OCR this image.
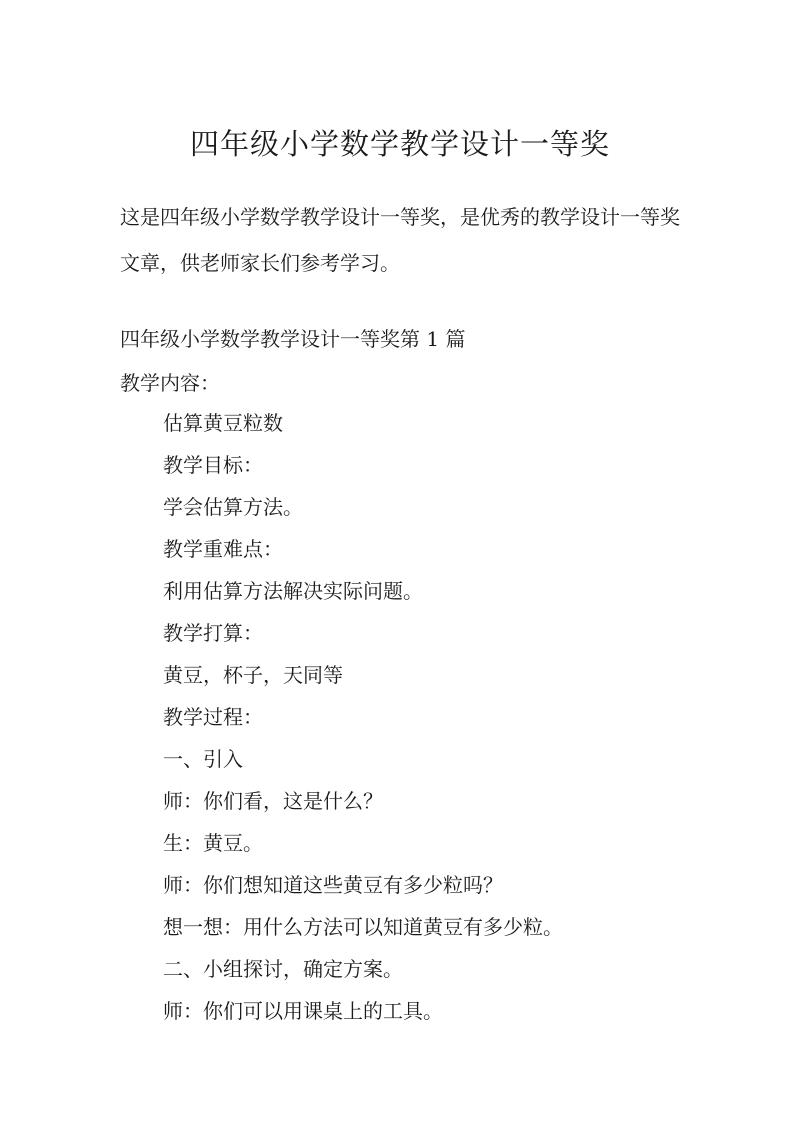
四年级小学数学教学设计一等奖

这是四年级小学数学教学设计一等奖，是优秀的教学设计一等奖文章，供老师家长们参考学习。

四年级小学数学教学设计一等奖第 1 篇

教学内容：

估算黄豆粒数
教学目标：
学会估算方法。
教学重难点：
利用估算方法解决实际问题。
教学打算：
黄豆，杯子，天同等
教学过程：
一、引入
师：你们看，这是什么？
生：黄豆。
师：你们想知道这些黄豆有多少粒吗？
想一想：用什么方法可以知道黄豆有多少粒。
二、小组探讨，确定方案。
师：你们可以用课桌上的工具。
